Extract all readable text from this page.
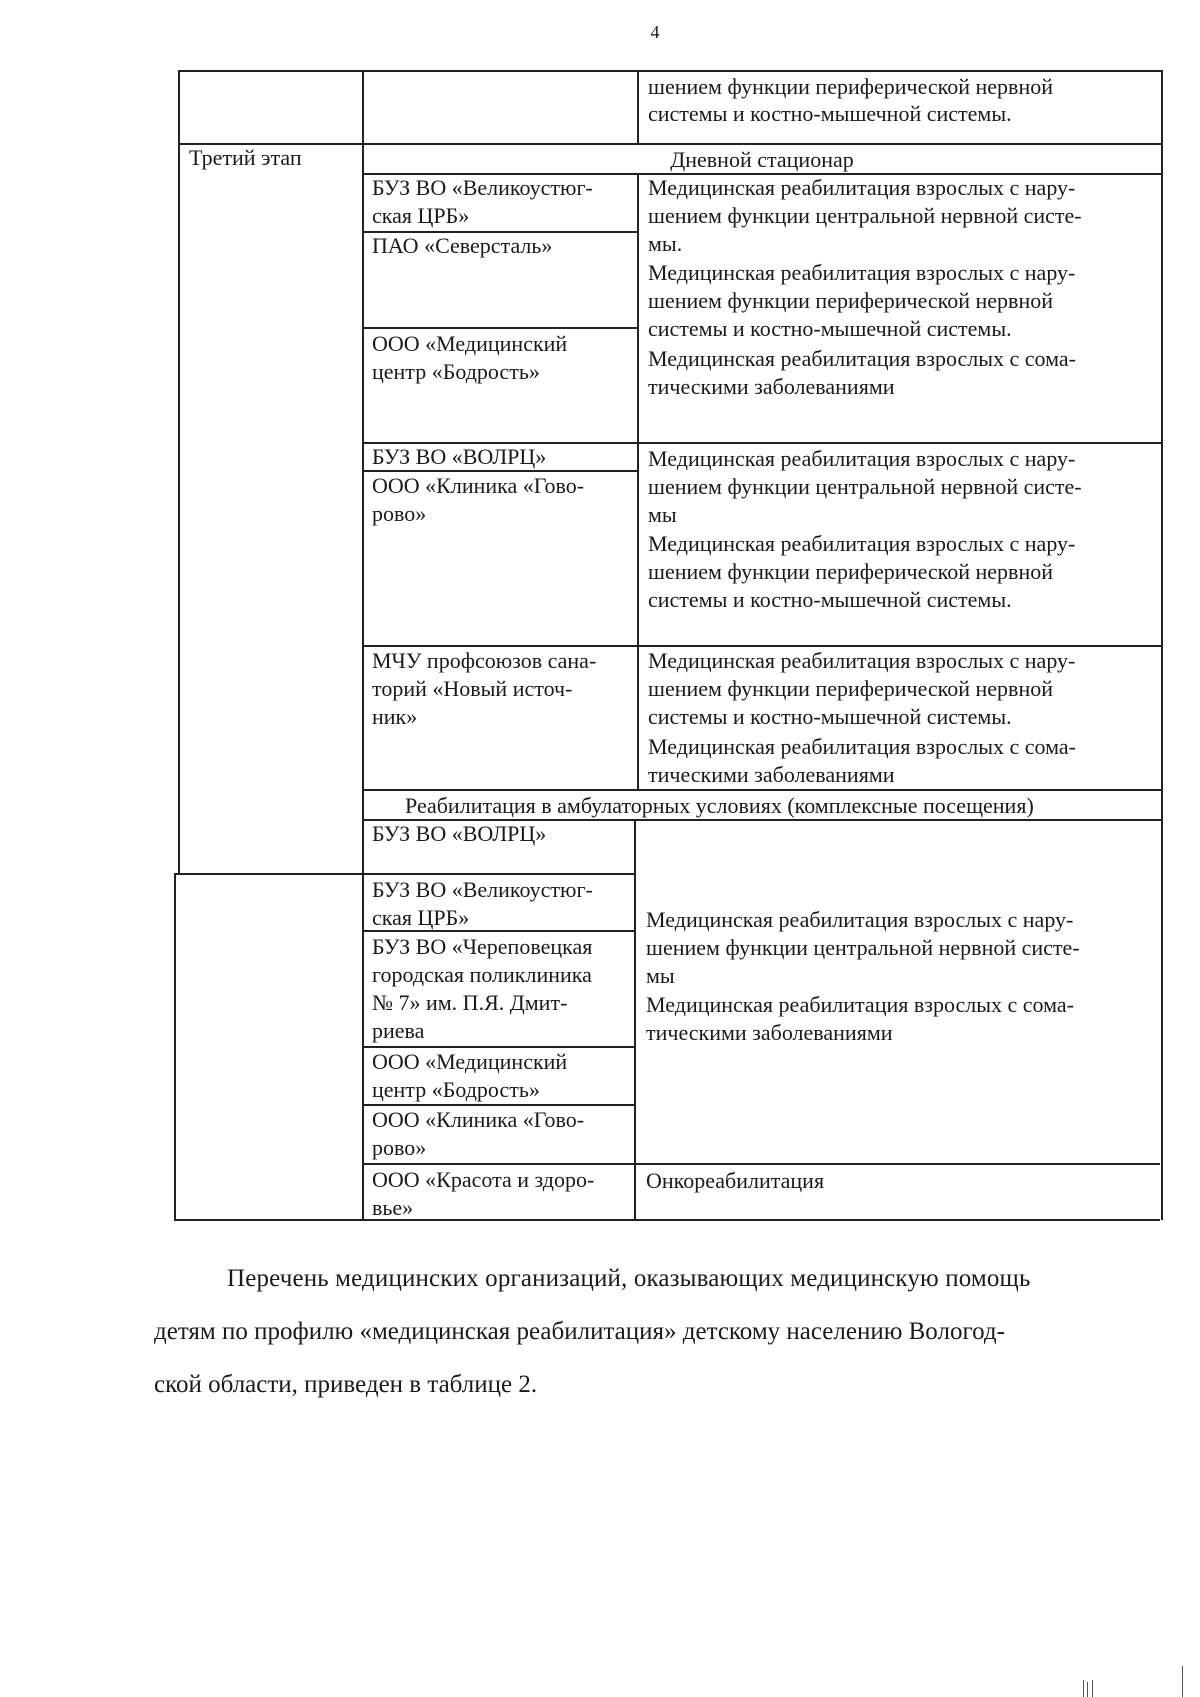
4
шением функции периферической нервной
системы и костно-мышечной системы.
Третий этап	Дневной стационар
БУЗ ВО «Великоустюг-
ская ЦРБ»
ПАО «Северсталь»
ООО «Медицинский
центр «Бодрость»
Медицинская реабилитация взрослых с нару-
шением функции центральной нервной систе-
мы.
Медицинская реабилитация взрослых с нару-
шением функции периферической нервной
системы и костно-мышечной системы.
Медицинская реабилитация взрослых с сома-
тическими заболеваниями
БУЗ ВО «ВОЛРЦ»
ООО «Клиника «Гово-
рово»
Медицинская реабилитация взрослых с нару-
шением функции центральной нервной систе-
мы
Медицинская реабилитация взрослых с нару-
шением функции периферической нервной
системы и костно-мышечной системы.
МЧУ профсоюзов сана-
торий «Новый источ-
ник»
Медицинская реабилитация взрослых с нару-
шением функции периферической нервной
системы и костно-мышечной системы.
Медицинская реабилитация взрослых с сома-
тическими заболеваниями
Реабилитация в амбулаторных условиях (комплексные посещения)
БУЗ ВО «ВОЛРЦ»
БУЗ ВО «Великоустюг-
ская ЦРБ»
БУЗ ВО «Череповецкая
городская поликлиника
№ 7» им. П.Я. Дмит-
риева
ООО «Медицинский
центр «Бодрость»
ООО «Клиника «Гово-
рово»
ООО «Красота и здоро-
вье»
Медицинская реабилитация взрослых с нару-
шением функции центральной нервной систе-
мы
Медицинская реабилитация взрослых с сома-
тическими заболеваниями
Онкореабилитация
Перечень медицинских организаций, оказывающих медицинскую помощь
детям по профилю «медицинская реабилитация» детскому населению Вологод-
ской области, приведен в таблице 2.
